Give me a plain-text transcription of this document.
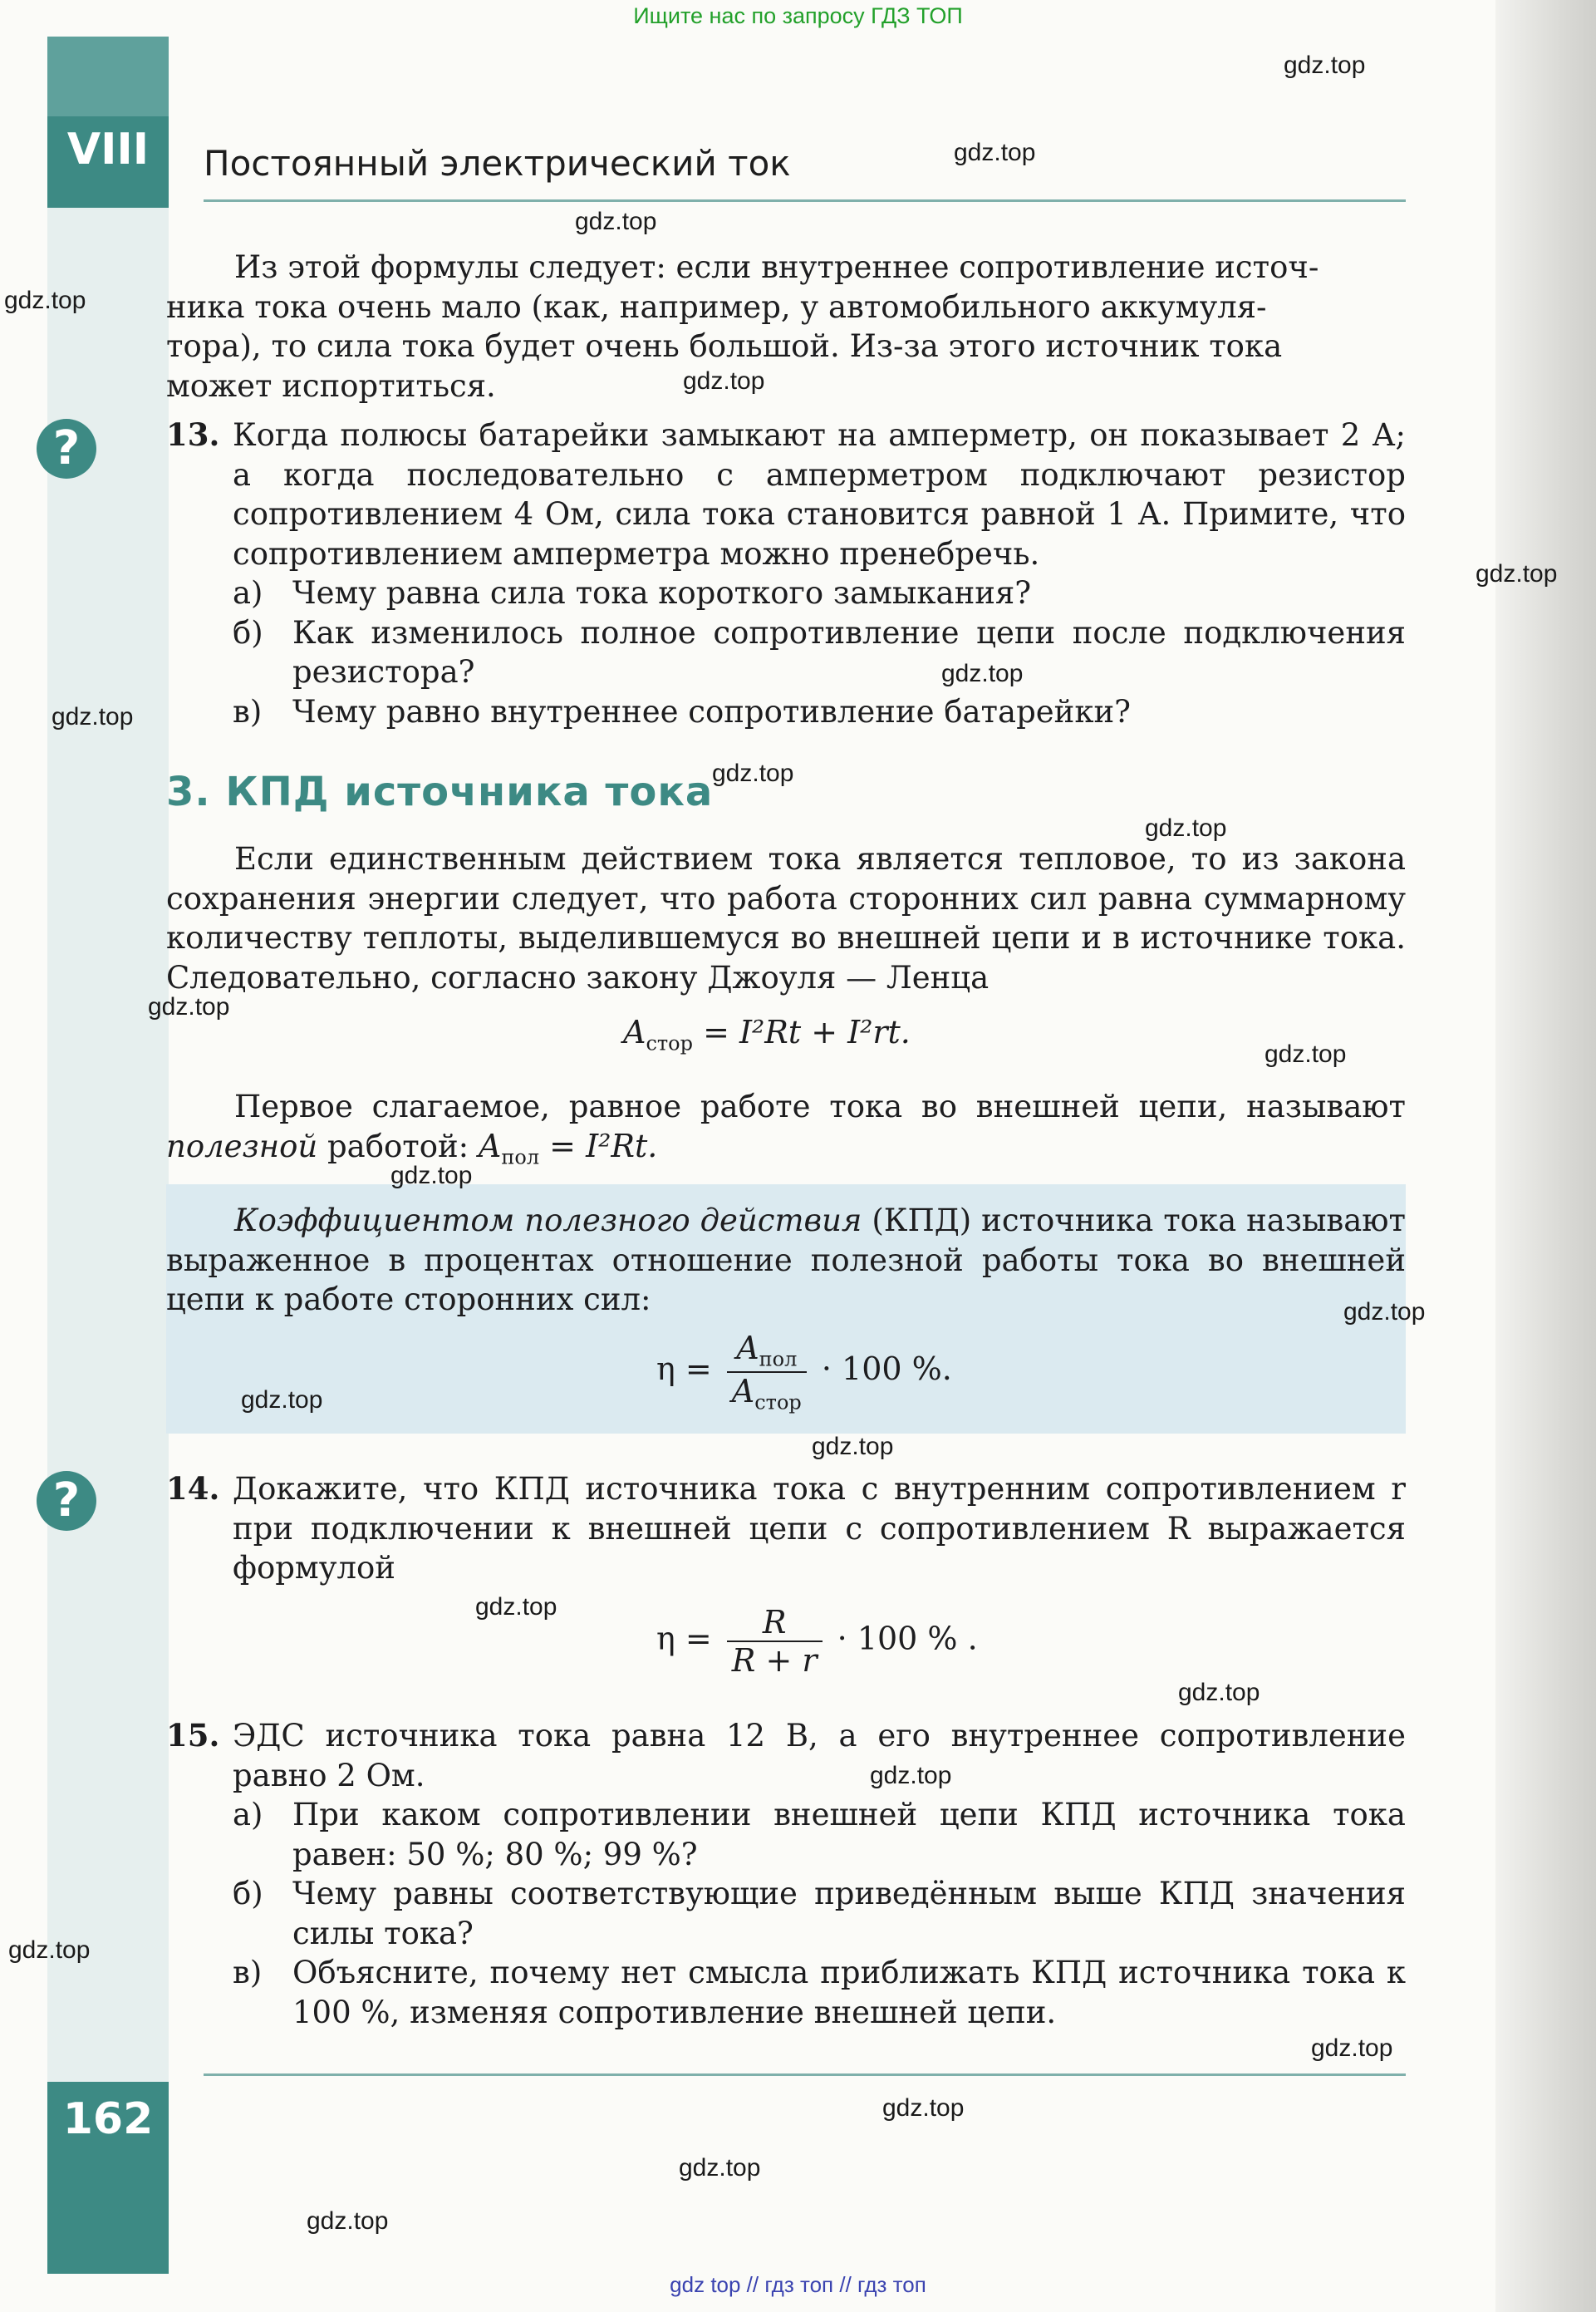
Ищите нас по запросу ГДЗ ТОП
gdz top // гдз топ // гдз топ
VIII
162
Постоянный электрический ток
Из этой формулы следует: если внутреннее сопротивление источ-
ника тока очень мало (как, например, у автомобильного аккумуля-
тора), то сила тока будет очень большой. Из-за этого источник тока
может испортиться.
?	13. Когда полюсы батарейки замыкают на амперметр, он показывает 2 А; а когда последовательно с амперметром подключают резистор сопротивлением 4 Ом, сила тока становится равной 1 А. Примите, что сопротивлением амперметра можно пренебречь.
а) Чему равна сила тока короткого замыкания?
б) Как изменилось полное сопротивление цепи после подключения резистора?
в) Чему равно внутреннее сопротивление батарейки?
3. КПД источника тока
Если единственным действием тока является тепловое, то из закона сохранения энергии следует, что работа сторонних сил равна суммарному количеству теплоты, выделившемуся во внешней цепи и в источнике тока. Следовательно, согласно закону Джоуля — Ленца
$A_{стор} = I^2Rt + I^2rt$.
Первое слагаемое, равное работе тока во внешней цепи, называют полезной работой: $A_{пол} = I^2Rt$.
Коэффициентом полезного действия (КПД) источника тока называют выраженное в процентах отношение полезной работы тока во внешней цепи к работе сторонних сил:
$\eta = \frac{A_{пол}}{A_{стор}} \cdot 100$ %.
?	14. Докажите, что КПД источника тока с внутренним сопротивлением r при подключении к внешней цепи с сопротивлением R выражается формулой
$\eta = \frac{R}{R + r} \cdot 100$ % .
15. ЭДС источника тока равна 12 В, а его внутреннее сопротивление равно 2 Ом.
а) При каком сопротивлении внешней цепи КПД источника тока равен: 50 %; 80 %; 99 %?
б) Чему равны соответствующие приведённым выше КПД значения силы тока?
в) Объясните, почему нет смысла приближать КПД источника тока к 100 %, изменяя сопротивление внешней цепи.
gdz.top
gdz.top
gdz.top
gdz.top
gdz.top
gdz.top
gdz.top
gdz.top
gdz.top
gdz.top
gdz.top
gdz.top
gdz.top
gdz.top
gdz.top
gdz.top
gdz.top
gdz.top
gdz.top
gdz.top
gdz.top
gdz.top
gdz.top
gdz.top
